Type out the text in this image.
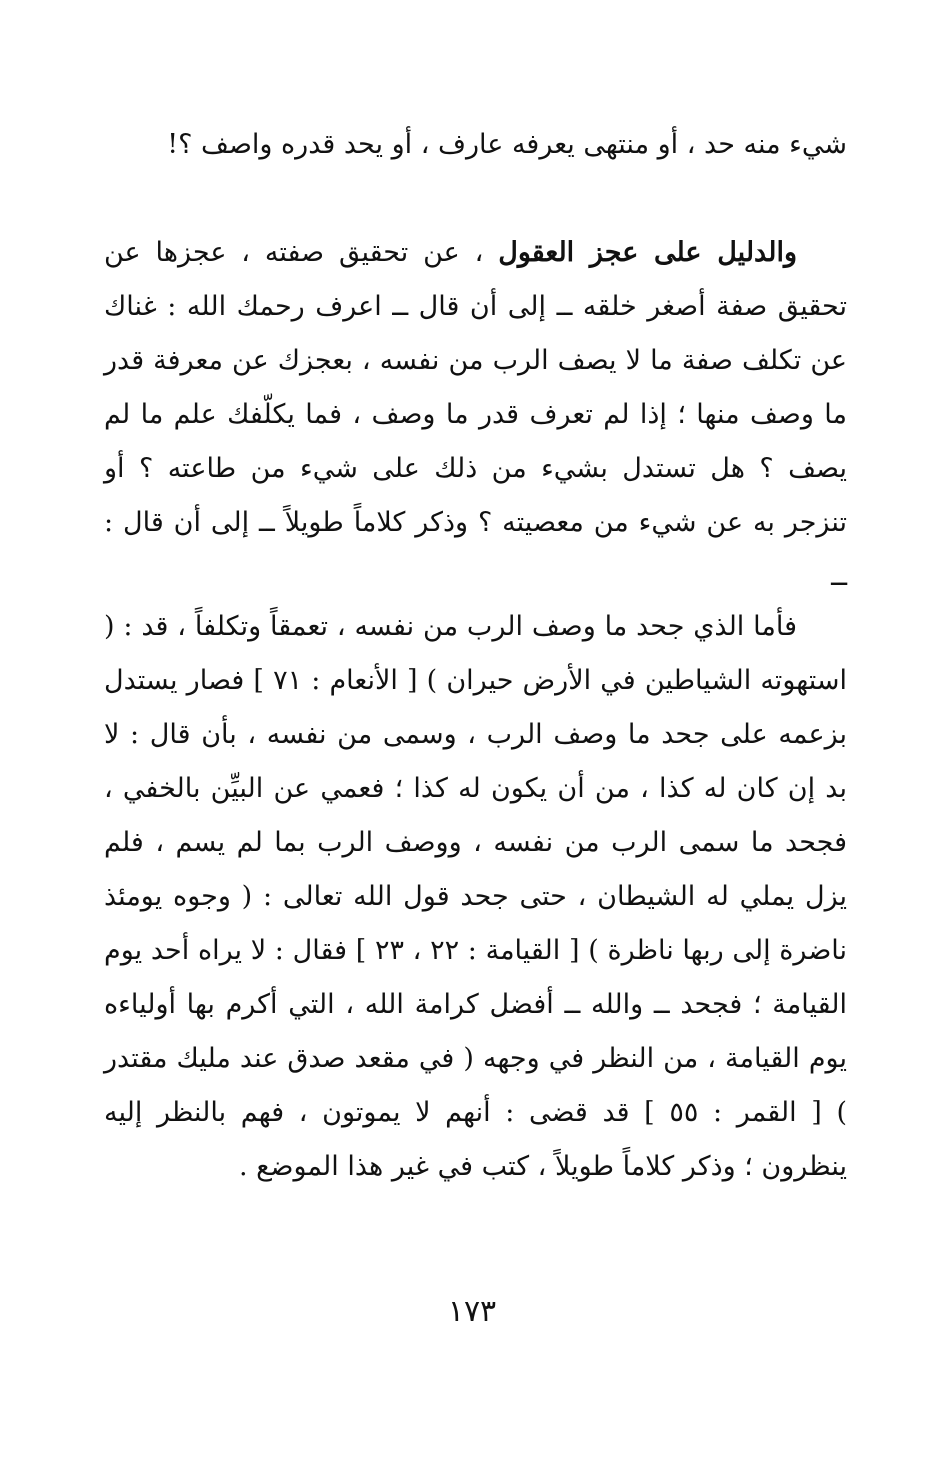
شيء منه حد ، أو منتهى يعرفه عارف ، أو يحد قدره واصف ؟!

والدليل على عجز العقول ، عن تحقيق صفته ، عجزها عن تحقيق صفة أصغر خلقه ــ إلى أن قال ــ اعرف رحمك الله : غناك عن تكلف صفة ما لا يصف الرب من نفسه ، بعجزك عن معرفة قدر ما وصف منها ؛ إذا لم تعرف قدر ما وصف ، فما يكلّفك علم ما لم يصف ؟ هل تستدل بشيء من ذلك على شيء من طاعته ؟ أو تنزجر به عن شيء من معصيته ؟ وذكر كلاماً طويلاً ــ إلى أن قال : ــ

فأما الذي جحد ما وصف الرب من نفسه ، تعمقاً وتكلفاً ، قد : ( استهوته الشياطين في الأرض حيران ) [ الأنعام : ٧١ ] فصار يستدل بزعمه على جحد ما وصف الرب ، وسمى من نفسه ، بأن قال : لا بد إن كان له كذا ، من أن يكون له كذا ؛ فعمي عن البيِّن بالخفي ، فجحد ما سمى الرب من نفسه ، ووصف الرب بما لم يسم ، فلم يزل يملي له الشيطان ، حتى جحد قول الله تعالى : ( وجوه يومئذ ناضرة إلى ربها ناظرة ) [ القيامة : ٢٢ ، ٢٣ ] فقال : لا يراه أحد يوم القيامة ؛ فجحد ــ والله ــ أفضل كرامة الله ، التي أكرم بها أولياءه يوم القيامة ، من النظر في وجهه ( في مقعد صدق عند مليك مقتدر ) [ القمر : ٥٥ ] قد قضى : أنهم لا يموتون ، فهم بالنظر إليه ينظرون ؛ وذكر كلاماً طويلاً ، كتب في غير هذا الموضع .

١٧٣
